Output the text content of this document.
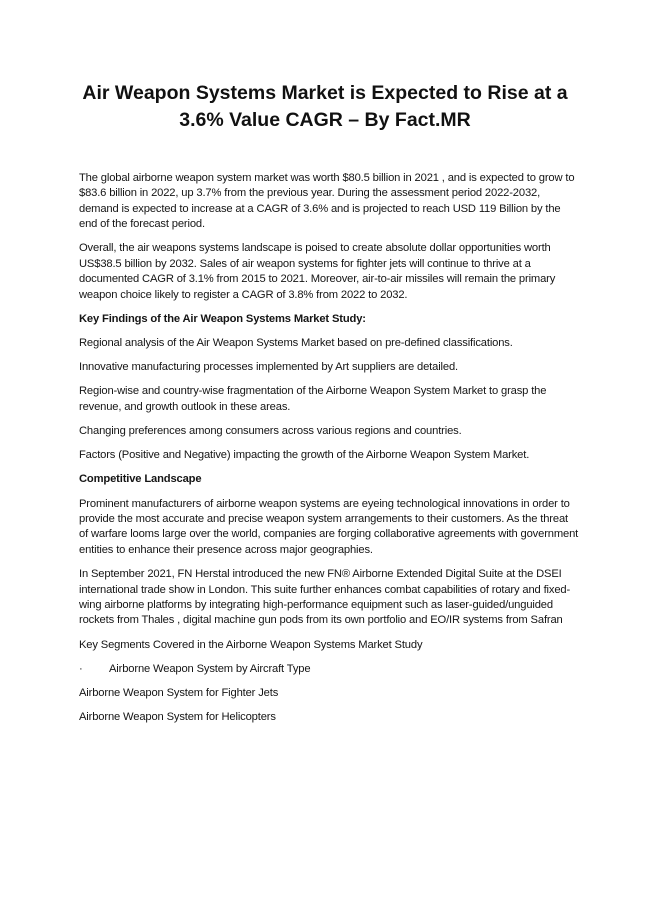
Air Weapon Systems Market is Expected to Rise at a
3.6% Value CAGR – By Fact.MR

The global airborne weapon system market was worth $80.5 billion in 2021 , and is expected to grow to $83.6 billion in 2022, up 3.7% from the previous year. During the assessment period 2022-2032, demand is expected to increase at a CAGR of 3.6% and is projected to reach USD 119 Billion by the end of the forecast period.

Overall, the air weapons systems landscape is poised to create absolute dollar opportunities worth US$38.5 billion by 2032. Sales of air weapon systems for fighter jets will continue to thrive at a documented CAGR of 3.1% from 2015 to 2021. Moreover, air-to-air missiles will remain the primary weapon choice likely to register a CAGR of 3.8% from 2022 to 2032.

Key Findings of the Air Weapon Systems Market Study:

Regional analysis of the Air Weapon Systems Market based on pre-defined classifications.

Innovative manufacturing processes implemented by Art suppliers are detailed.

Region-wise and country-wise fragmentation of the Airborne Weapon System Market to grasp the revenue, and growth outlook in these areas.

Changing preferences among consumers across various regions and countries.

Factors (Positive and Negative) impacting the growth of the Airborne Weapon System Market.

Competitive Landscape

Prominent manufacturers of airborne weapon systems are eyeing technological innovations in order to provide the most accurate and precise weapon system arrangements to their customers. As the threat of warfare looms large over the world, companies are forging collaborative agreements with government entities to enhance their presence across major geographies.

In September 2021, FN Herstal introduced the new FN® Airborne Extended Digital Suite at the DSEI international trade show in London. This suite further enhances combat capabilities of rotary and fixed-wing airborne platforms by integrating high-performance equipment such as laser-guided/unguided rockets from Thales , digital machine gun pods from its own portfolio and EO/IR systems from Safran

Key Segments Covered in the Airborne Weapon Systems Market Study

·	Airborne Weapon System by Aircraft Type

Airborne Weapon System for Fighter Jets

Airborne Weapon System for Helicopters
